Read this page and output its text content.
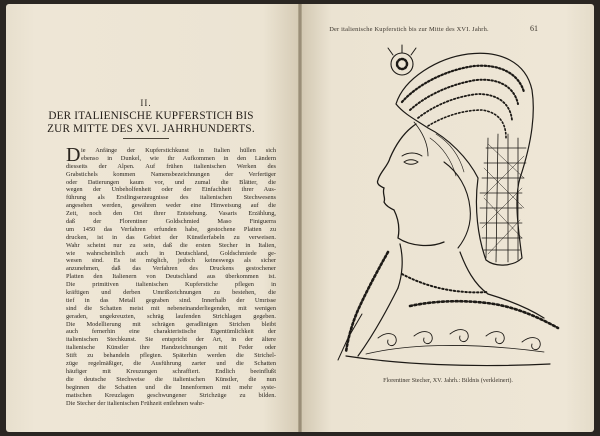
II.
DER ITALIENISCHE KUPFERSTICH BIS ZUR MITTE DES XVI. JAHRHUNDERTS.
D ie Anfänge der Kupferstichkunst in Italien hüllen sich
ebenso in Dunkel, wie ihr Aufkommen in den Ländern
diesseits der Alpen. Auf frühen italienischen Werken des
Grabstichels kommen Namensbezeichnungen der Verfertiger
oder Datierungen kaum vor, und zumal die Blätter, die
wegen der Unbeholfenheit oder der Einfachheit ihrer Aus-
führung als Erstlingserzeugnisse des italienischen Stechwesens
angesehen werden, gewähren weder eine Hinweisung auf die
Zeit, noch den Ort ihrer Entstehung. Vasaris Erzählung,
daß der Florentiner Goldschmied Maso Finiguerra
um 1450 das Verfahren erfunden habe, gestochene Platten zu
drucken, ist in das Gebiet der Künstlerfabeln zu verweisen.
Wahr scheint nur zu sein, daß die ersten Stecher in Italien,
wie wahrscheinlich auch in Deutschland, Goldschmiede ge-
wesen sind. Es ist möglich, jedoch keineswegs als sicher
anzunehmen, daß das Verfahren des Druckens gestochener
Platten den Italienern von Deutschland aus überkommen ist.
Die primitiven italienischen Kupferstiche pflegen in
kräftigen und derben Umrißzeichnungen zu bestehen, die
tief in das Metall gegraben sind. Innerhalb der Umrisse
sind die Schatten meist mit nebeneinanderliegenden, mit wenigen
geraden, ungekreuzten, schräg laufenden Strichlagen gegeben.
Die Modellierung mit schrägen geradlinigen Strichen bleibt
auch fernerhin eine charakteristische Eigentümlichkeit der
italienischen Stechkunst. Sie entspricht der Art, in der ältere
italienische Künstler ihre Handzeichnungen mit Feder oder
Stift zu behandeln pflegten. Späterhin werden die Strichel-
züge regelmäßiger, die Ausführung zarter und die Schatten
häufiger mit Kreuzungen schraffiert. Endlich beeinflußt
die deutsche Stechweise die italienischen Künstler, die nun
beginnen die Schatten und die Innenformen mit mehr syste-
matischen Kreuzlagen geschwungener Strichzüge zu bilden.
Die Stecher der italienischen Frühzeit entlehnen wahr-
Der italienische Kupferstich bis zur Mitte des XVI. Jahrh.	61
Florentiner Stecher, XV. Jahrh.: Bildnis (verkleinert).
